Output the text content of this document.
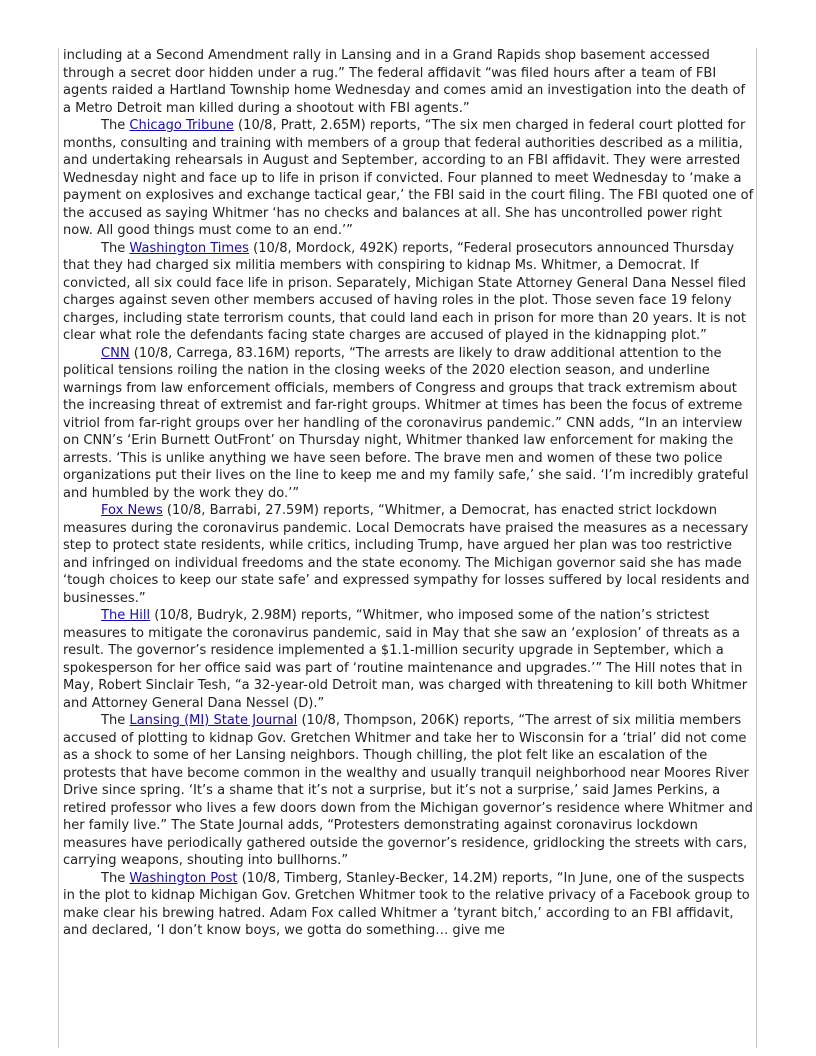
including at a Second Amendment rally in Lansing and in a Grand Rapids shop basement accessed through a secret door hidden under a rug.” The federal affidavit “was filed hours after a team of FBI agents raided a Hartland Township home Wednesday and comes amid an investigation into the death of a Metro Detroit man killed during a shootout with FBI agents.”

The Chicago Tribune (10/8, Pratt, 2.65M) reports, “The six men charged in federal court plotted for months, consulting and training with members of a group that federal authorities described as a militia, and undertaking rehearsals in August and September, according to an FBI affidavit. They were arrested Wednesday night and face up to life in prison if convicted. Four planned to meet Wednesday to ‘make a payment on explosives and exchange tactical gear,’ the FBI said in the court filing. The FBI quoted one of the accused as saying Whitmer ‘has no checks and balances at all. She has uncontrolled power right now. All good things must come to an end.’”

The Washington Times (10/8, Mordock, 492K) reports, “Federal prosecutors announced Thursday that they had charged six militia members with conspiring to kidnap Ms. Whitmer, a Democrat. If convicted, all six could face life in prison. Separately, Michigan State Attorney General Dana Nessel filed charges against seven other members accused of having roles in the plot. Those seven face 19 felony charges, including state terrorism counts, that could land each in prison for more than 20 years. It is not clear what role the defendants facing state charges are accused of played in the kidnapping plot.”

CNN (10/8, Carrega, 83.16M) reports, “The arrests are likely to draw additional attention to the political tensions roiling the nation in the closing weeks of the 2020 election season, and underline warnings from law enforcement officials, members of Congress and groups that track extremism about the increasing threat of extremist and far-right groups. Whitmer at times has been the focus of extreme vitriol from far-right groups over her handling of the coronavirus pandemic.” CNN adds, “In an interview on CNN’s ‘Erin Burnett OutFront’ on Thursday night, Whitmer thanked law enforcement for making the arrests. ‘This is unlike anything we have seen before. The brave men and women of these two police organizations put their lives on the line to keep me and my family safe,’ she said. ‘I’m incredibly grateful and humbled by the work they do.’”

Fox News (10/8, Barrabi, 27.59M) reports, “Whitmer, a Democrat, has enacted strict lockdown measures during the coronavirus pandemic. Local Democrats have praised the measures as a necessary step to protect state residents, while critics, including Trump, have argued her plan was too restrictive and infringed on individual freedoms and the state economy. The Michigan governor said she has made ‘tough choices to keep our state safe’ and expressed sympathy for losses suffered by local residents and businesses.”

The Hill (10/8, Budryk, 2.98M) reports, “Whitmer, who imposed some of the nation’s strictest measures to mitigate the coronavirus pandemic, said in May that she saw an ‘explosion’ of threats as a result. The governor’s residence implemented a $1.1-million security upgrade in September, which a spokesperson for her office said was part of ‘routine maintenance and upgrades.’” The Hill notes that in May, Robert Sinclair Tesh, “a 32-year-old Detroit man, was charged with threatening to kill both Whitmer and Attorney General Dana Nessel (D).”

The Lansing (MI) State Journal (10/8, Thompson, 206K) reports, “The arrest of six militia members accused of plotting to kidnap Gov. Gretchen Whitmer and take her to Wisconsin for a ‘trial’ did not come as a shock to some of her Lansing neighbors. Though chilling, the plot felt like an escalation of the protests that have become common in the wealthy and usually tranquil neighborhood near Moores River Drive since spring. ‘It’s a shame that it’s not a surprise, but it’s not a surprise,’ said James Perkins, a retired professor who lives a few doors down from the Michigan governor’s residence where Whitmer and her family live.” The State Journal adds, “Protesters demonstrating against coronavirus lockdown measures have periodically gathered outside the governor’s residence, gridlocking the streets with cars, carrying weapons, shouting into bullhorns.”

The Washington Post (10/8, Timberg, Stanley-Becker, 14.2M) reports, “In June, one of the suspects in the plot to kidnap Michigan Gov. Gretchen Whitmer took to the relative privacy of a Facebook group to make clear his brewing hatred. Adam Fox called Whitmer a ‘tyrant bitch,’ according to an FBI affidavit, and declared, ‘I don’t know boys, we gotta do something… give me
